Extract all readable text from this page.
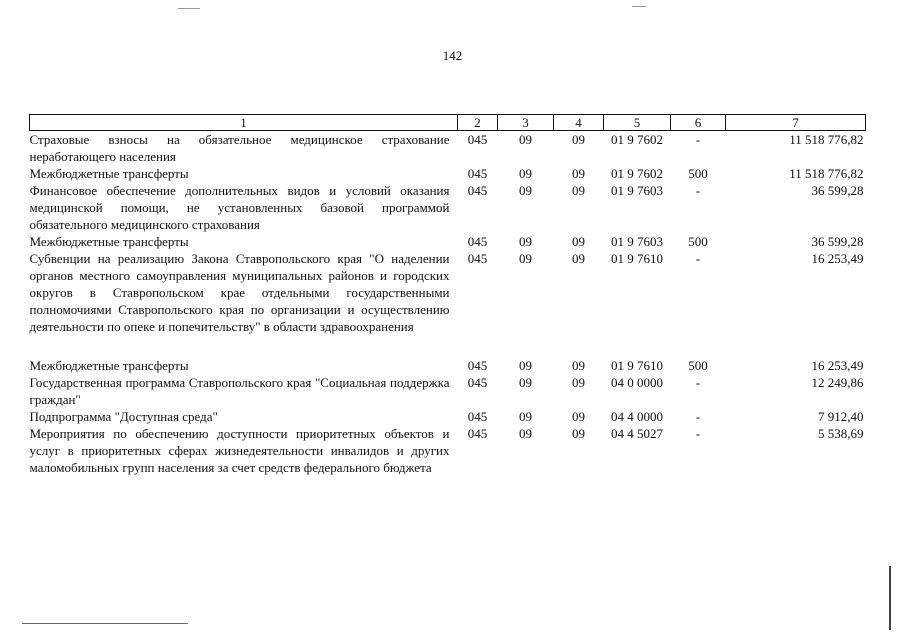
142
1	2	3	4	5	6	7
Страховые взносы на обязательное медицинское страхование неработающего населения	045	09	09	01 9 7602	-	11 518 776,82
Межбюджетные трансферты	045	09	09	01 9 7602	500	11 518 776,82
Финансовое обеспечение дополнительных видов и условий оказания медицинской помощи, не установленных базовой программой обязательного медицинского страхования	045	09	09	01 9 7603	-	36 599,28
Межбюджетные трансферты	045	09	09	01 9 7603	500	36 599,28
Субвенции на реализацию Закона Ставропольского края "О наделении органов местного самоуправления муниципальных районов и городских округов в Ставропольском крае отдельными государственными полномочиями Ставропольского края по организации и осуществлению деятельности по опеке и попечительству" в области здравоохранения	045	09	09	01 9 7610	-	16 253,49

Межбюджетные трансферты	045	09	09	01 9 7610	500	16 253,49
Государственная программа Ставропольского края "Социальная поддержка граждан"	045	09	09	04 0 0000	-	12 249,86
Подпрограмма "Доступная среда"	045	09	09	04 4 0000	-	7 912,40
Мероприятия по обеспечению доступности приоритетных объектов и услуг в приоритетных сферах жизнедеятельности инвалидов и других маломобильных групп населения за счет средств федерального бюджета	045	09	09	04 4 5027	-	5 538,69
